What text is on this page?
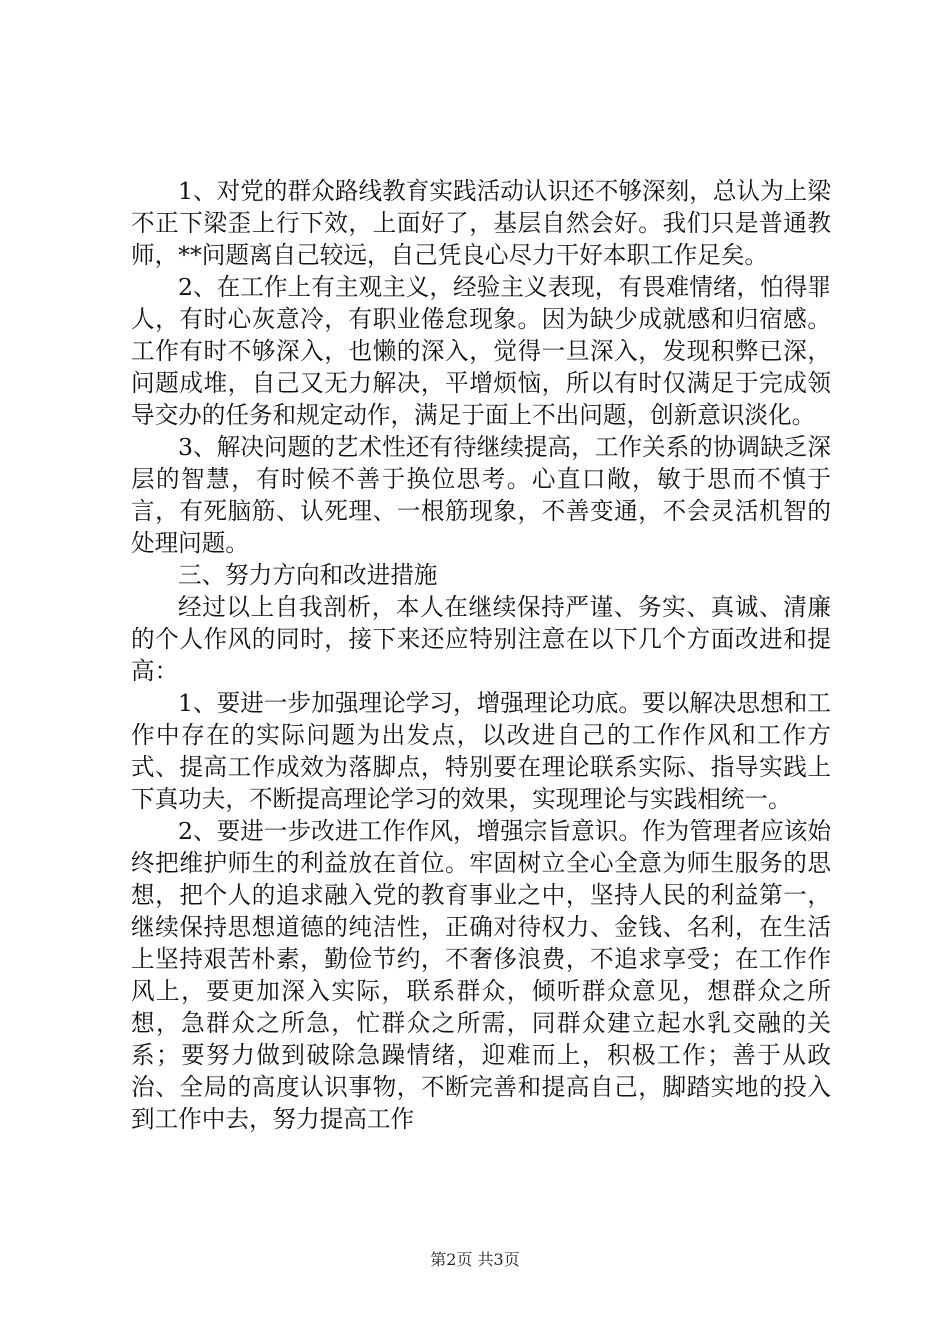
1、对党的群众路线教育实践活动认识还不够深刻，总认为上梁不正下梁歪上行下效，上面好了，基层自然会好。我们只是普通教师，**问题离自己较远，自己凭良心尽力干好本职工作足矣。

2、在工作上有主观主义，经验主义表现，有畏难情绪，怕得罪人，有时心灰意冷，有职业倦怠现象。因为缺少成就感和归宿感。工作有时不够深入，也懒的深入，觉得一旦深入，发现积弊已深，问题成堆，自己又无力解决，平增烦恼，所以有时仅满足于完成领导交办的任务和规定动作，满足于面上不出问题，创新意识淡化。

3、解决问题的艺术性还有待继续提高，工作关系的协调缺乏深层的智慧，有时候不善于换位思考。心直口敞，敏于思而不慎于言，有死脑筋、认死理、一根筋现象，不善变通，不会灵活机智的处理问题。

三、努力方向和改进措施

经过以上自我剖析，本人在继续保持严谨、务实、真诚、清廉的个人作风的同时，接下来还应特别注意在以下几个方面改进和提高：

1、要进一步加强理论学习，增强理论功底。要以解决思想和工作中存在的实际问题为出发点，以改进自己的工作作风和工作方式、提高工作成效为落脚点，特别要在理论联系实际、指导实践上下真功夫，不断提高理论学习的效果，实现理论与实践相统一。

2、要进一步改进工作作风，增强宗旨意识。作为管理者应该始终把维护师生的利益放在首位。牢固树立全心全意为师生服务的思想，把个人的追求融入党的教育事业之中，坚持人民的利益第一，继续保持思想道德的纯洁性，正确对待权力、金钱、名利，在生活上坚持艰苦朴素，勤俭节约，不奢侈浪费，不追求享受；在工作作风上，要更加深入实际，联系群众，倾听群众意见，想群众之所想，急群众之所急，忙群众之所需，同群众建立起水乳交融的关系；要努力做到破除急躁情绪，迎难而上，积极工作；善于从政治、全局的高度认识事物，不断完善和提高自己，脚踏实地的投入到工作中去，努力提高工作

第2页 共3页
